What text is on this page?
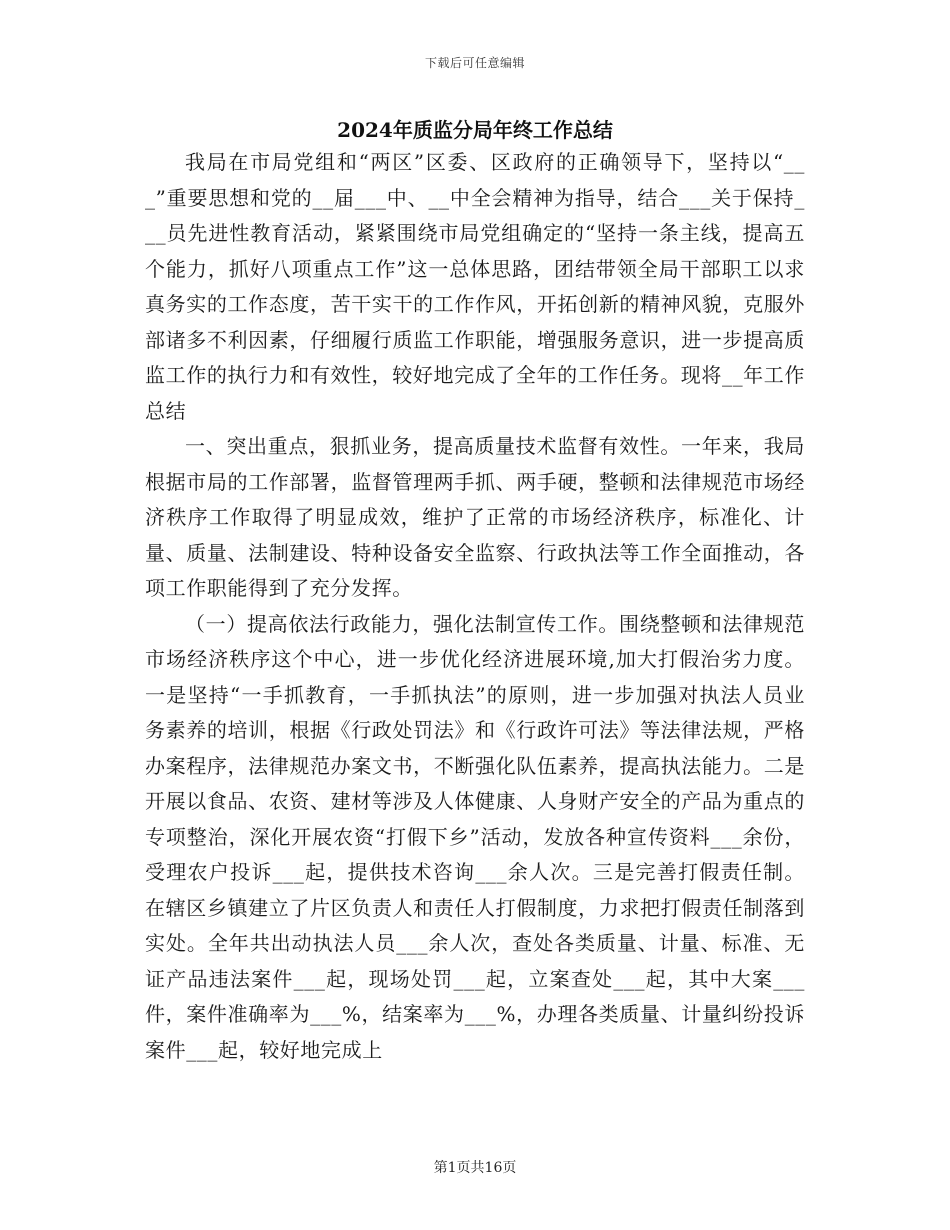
下载后可任意编辑
2024年质监分局年终工作总结

我局在市局党组和“两区”区委、区政府的正确领导下，坚持以“___”重要思想和党的__届___中、__中全会精神为指导，结合___关于保持___员先进性教育活动，紧紧围绕市局党组确定的“坚持一条主线，提高五个能力，抓好八项重点工作”这一总体思路，团结带领全局干部职工以求真务实的工作态度，苦干实干的工作作风，开拓创新的精神风貌，克服外部诸多不利因素，仔细履行质监工作职能，增强服务意识，进一步提高质监工作的执行力和有效性，较好地完成了全年的工作任务。现将__年工作总结

一、突出重点，狠抓业务，提高质量技术监督有效性。一年来，我局根据市局的工作部署，监督管理两手抓、两手硬，整顿和法律规范市场经济秩序工作取得了明显成效，维护了正常的市场经济秩序，标准化、计量、质量、法制建设、特种设备安全监察、行政执法等工作全面推动，各项工作职能得到了充分发挥。

（一）提高依法行政能力，强化法制宣传工作。围绕整顿和法律规范市场经济秩序这个中心，进一步优化经济进展环境,加大打假治劣力度。一是坚持“一手抓教育，一手抓执法”的原则，进一步加强对执法人员业务素养的培训，根据《行政处罚法》和《行政许可法》等法律法规，严格办案程序，法律规范办案文书，不断强化队伍素养，提高执法能力。二是开展以食品、农资、建材等涉及人体健康、人身财产安全的产品为重点的专项整治，深化开展农资“打假下乡”活动，发放各种宣传资料___余份，受理农户投诉___起，提供技术咨询___余人次。三是完善打假责任制。在辖区乡镇建立了片区负责人和责任人打假制度，力求把打假责任制落到实处。全年共出动执法人员___余人次，查处各类质量、计量、标准、无证产品违法案件___起，现场处罚___起，立案查处___起，其中大案___件，案件准确率为___%，结案率为___%，办理各类质量、计量纠纷投诉案件___起，较好地完成上

第1页共16页
